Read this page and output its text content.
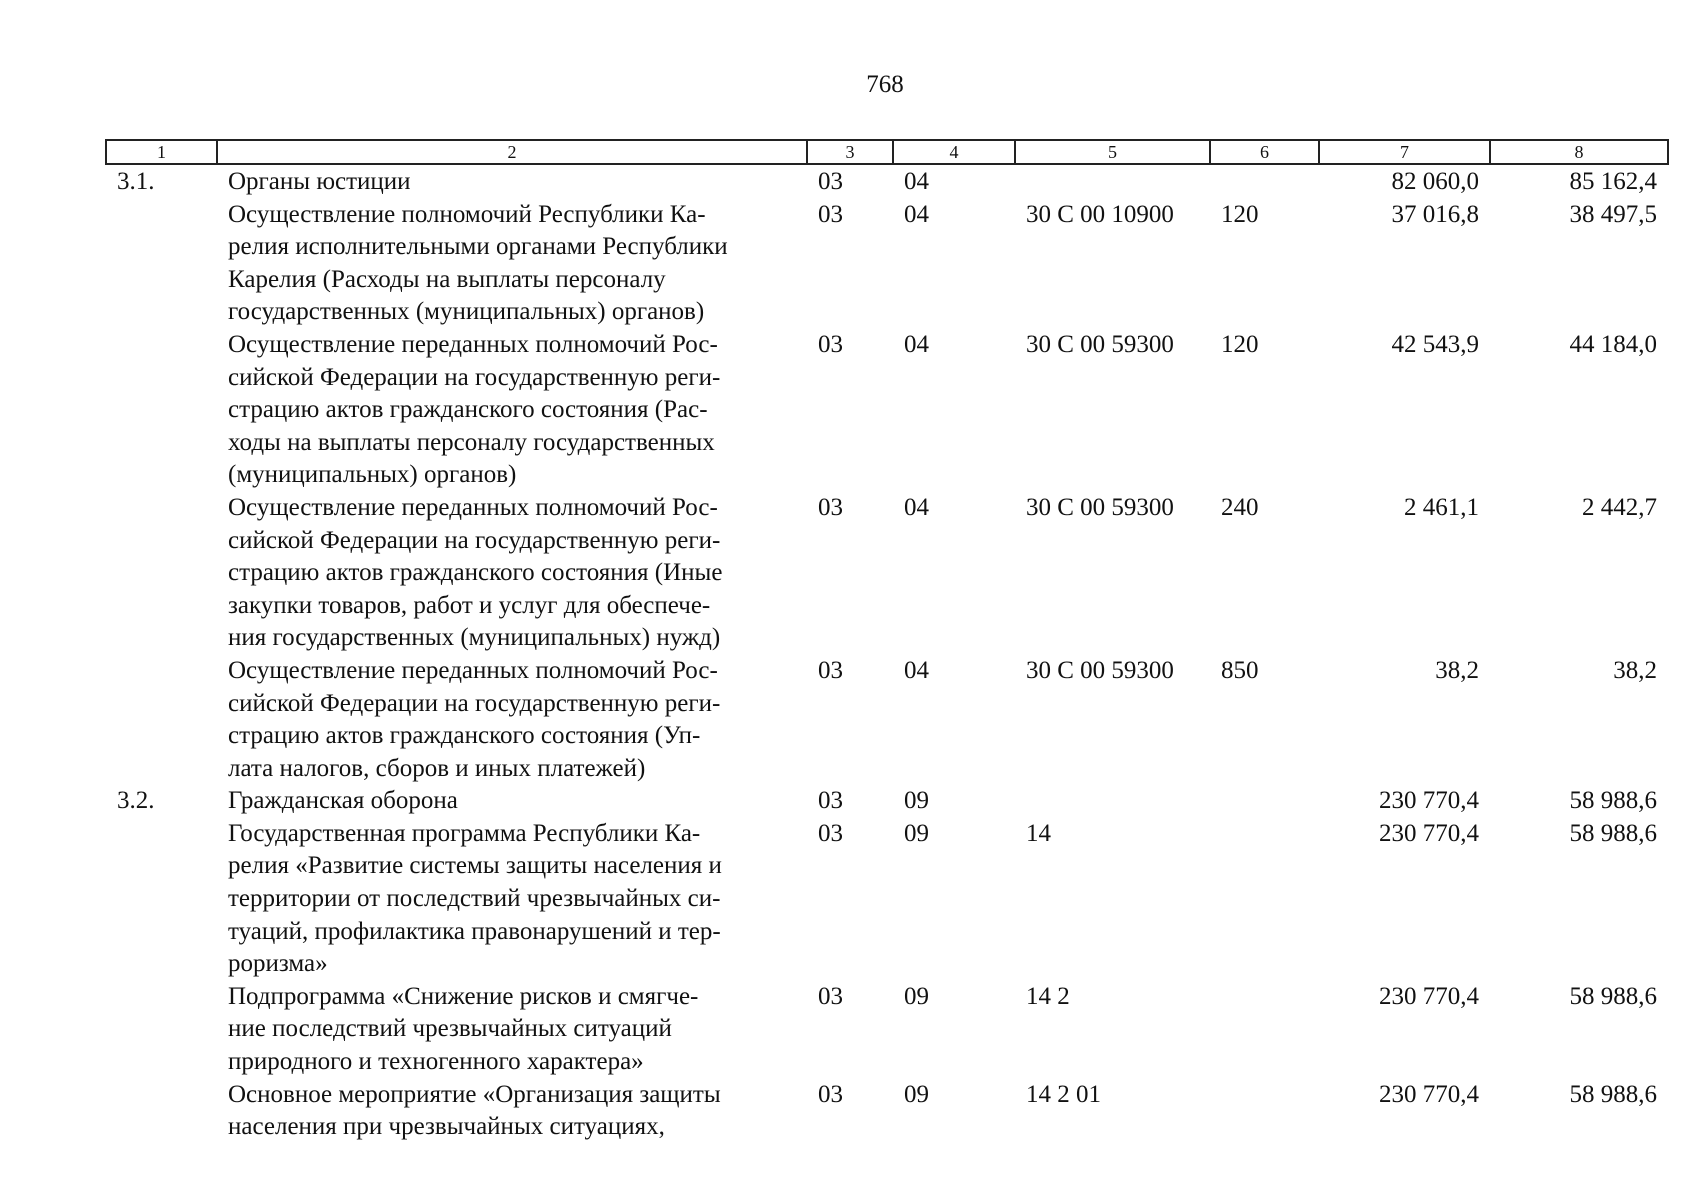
768
1	2	3	4	5	6	7	8
3.1.	Органы юстиции	03	04			82 060,0	85 162,4

	Осуществление полномочий Республики Ка-
релия исполнительными органами Республики
Карелия (Расходы на выплаты персоналу
государственных (муниципальных) органов)	03	04	30 С 00 10900	120	37 016,8	38 497,5

	Осуществление переданных полномочий Рос-
сийской Федерации на государственную реги-
страцию актов гражданского состояния (Рас-
ходы на выплаты персоналу государственных
(муниципальных) органов)	03	04	30 С 00 59300	120	42 543,9	44 184,0

	Осуществление переданных полномочий Рос-
сийской Федерации на государственную реги-
страцию актов гражданского состояния (Иные
закупки товаров, работ и услуг для обеспече-
ния государственных (муниципальных) нужд)	03	04	30 С 00 59300	240	2 461,1	2 442,7

	Осуществление переданных полномочий Рос-
сийской Федерации на государственную реги-
страцию актов гражданского состояния (Уп-
лата налогов, сборов и иных платежей)	03	04	30 С 00 59300	850	38,2	38,2
3.2.	Гражданская оборона	03	09			230 770,4	58 988,6

	Государственная программа Республики Ка-
релия «Развитие системы защиты населения и
территории от последствий чрезвычайных си-
туаций, профилактика правонарушений и тер-
роризма»	03	09	14		230 770,4	58 988,6

	Подпрограмма «Снижение рисков и смягче-
ние последствий чрезвычайных ситуаций
природного и техногенного характера»	03	09	14 2		230 770,4	58 988,6

	Основное мероприятие «Организация защиты
населения при чрезвычайных ситуациях,	03	09	14 2 01		230 770,4	58 988,6
